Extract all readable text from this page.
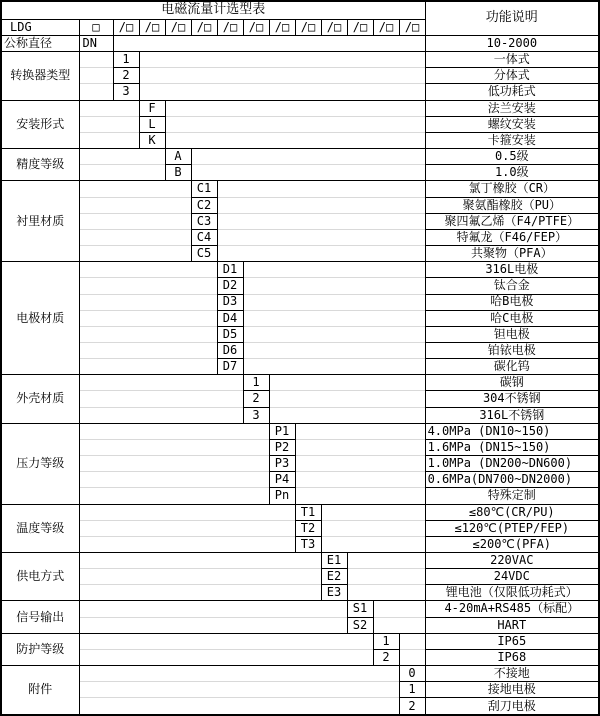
电磁流量计选型表														功能说明
LDG	□	/□	/□	/□	/□	/□	/□	/□	/□	/□	/□	/□	/□	
公称直径	DN													10-2000
转换器类型		1												一体式
		2												分体式
		3												低功耗式
安装形式			F											法兰安装
			L											螺纹安装
			K											卡箍安装
精度等级				A										0.5级
				B										1.0级
衬里材质					C1									氯丁橡胶（CR）
					C2									聚氨酯橡胶（PU）
					C3									聚四氟乙烯（F4/PTFE）
					C4									特氟龙（F46/FEP）
					C5									共聚物（PFA）
电极材质						D1								316L电极
						D2								钛合金
						D3								哈B电极
						D4								哈C电极
						D5								钽电极
						D6								铂铱电极
						D7								碳化钨
外壳材质							1							碳钢
							2							304不锈钢
							3							316L不锈钢
压力等级								P1						4.0MPa (DN10~150)
								P2						1.6MPa (DN15~150)
								P3						1.0MPa (DN200~DN600)
								P4						0.6MPa(DN700~DN2000)
								Pn						特殊定制
温度等级									T1					≤80℃(CR/PU)
									T2					≤120℃(PTEP/FEP)
									T3					≤200℃(PFA)
供电方式										E1				220VAC
										E2				24VDC
										E3				锂电池（仅限低功耗式）
信号输出											S1			4-20mA+RS485（标配）
											S2			HART
防护等级												1		IP65
												2		IP68
附件													0	不接地
													1	接地电极
													2	刮刀电极
